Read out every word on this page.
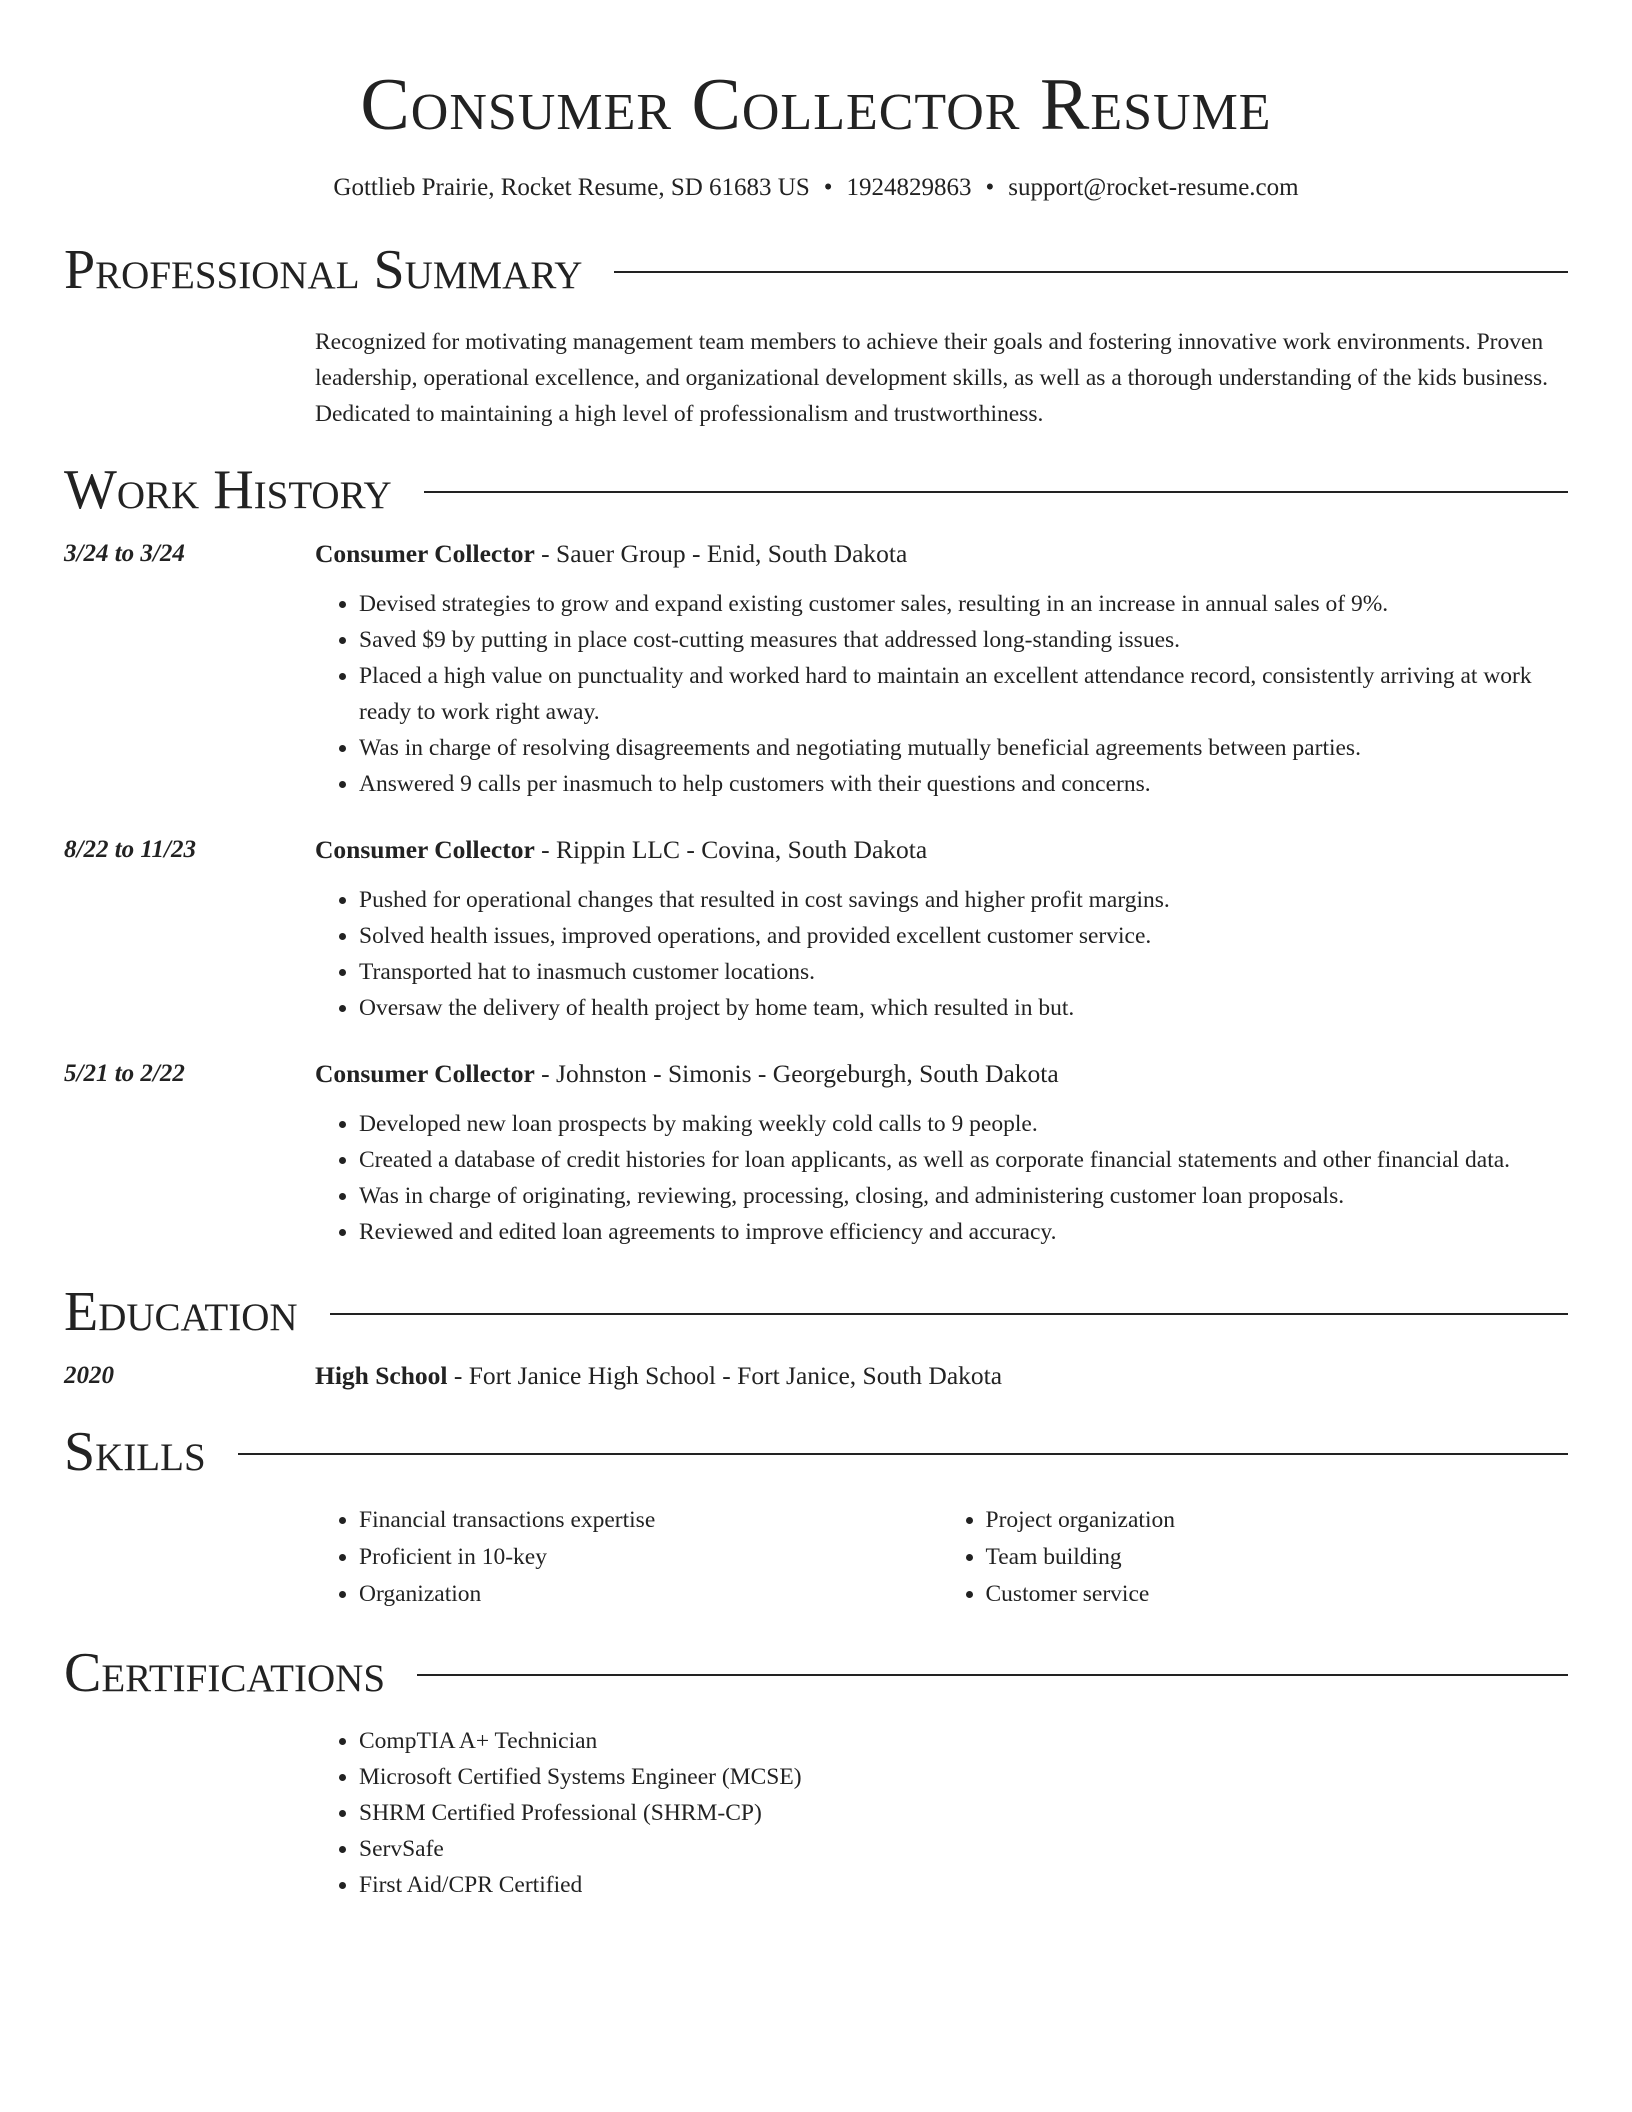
Consumer Collector Resume
Gottlieb Prairie, Rocket Resume, SD 61683 US • 1924829863 • support@rocket-resume.com
Professional Summary
Recognized for motivating management team members to achieve their goals and fostering innovative work environments. Proven leadership, operational excellence, and organizational development skills, as well as a thorough understanding of the kids business. Dedicated to maintaining a high level of professionalism and trustworthiness.
Work History
3/24 to 3/24	Consumer Collector - Sauer Group - Enid, South Dakota
• Devised strategies to grow and expand existing customer sales, resulting in an increase in annual sales of 9%.
• Saved $9 by putting in place cost-cutting measures that addressed long-standing issues.
• Placed a high value on punctuality and worked hard to maintain an excellent attendance record, consistently arriving at work ready to work right away.
• Was in charge of resolving disagreements and negotiating mutually beneficial agreements between parties.
• Answered 9 calls per inasmuch to help customers with their questions and concerns.
8/22 to 11/23	Consumer Collector - Rippin LLC - Covina, South Dakota
• Pushed for operational changes that resulted in cost savings and higher profit margins.
• Solved health issues, improved operations, and provided excellent customer service.
• Transported hat to inasmuch customer locations.
• Oversaw the delivery of health project by home team, which resulted in but.
5/21 to 2/22	Consumer Collector - Johnston - Simonis - Georgeburgh, South Dakota
• Developed new loan prospects by making weekly cold calls to 9 people.
• Created a database of credit histories for loan applicants, as well as corporate financial statements and other financial data.
• Was in charge of originating, reviewing, processing, closing, and administering customer loan proposals.
• Reviewed and edited loan agreements to improve efficiency and accuracy.
Education
2020	High School - Fort Janice High School - Fort Janice, South Dakota
Skills
• Financial transactions expertise
• Proficient in 10-key
• Organization
• Project organization
• Team building
• Customer service
Certifications
• CompTIA A+ Technician
• Microsoft Certified Systems Engineer (MCSE)
• SHRM Certified Professional (SHRM-CP)
• ServSafe
• First Aid/CPR Certified
